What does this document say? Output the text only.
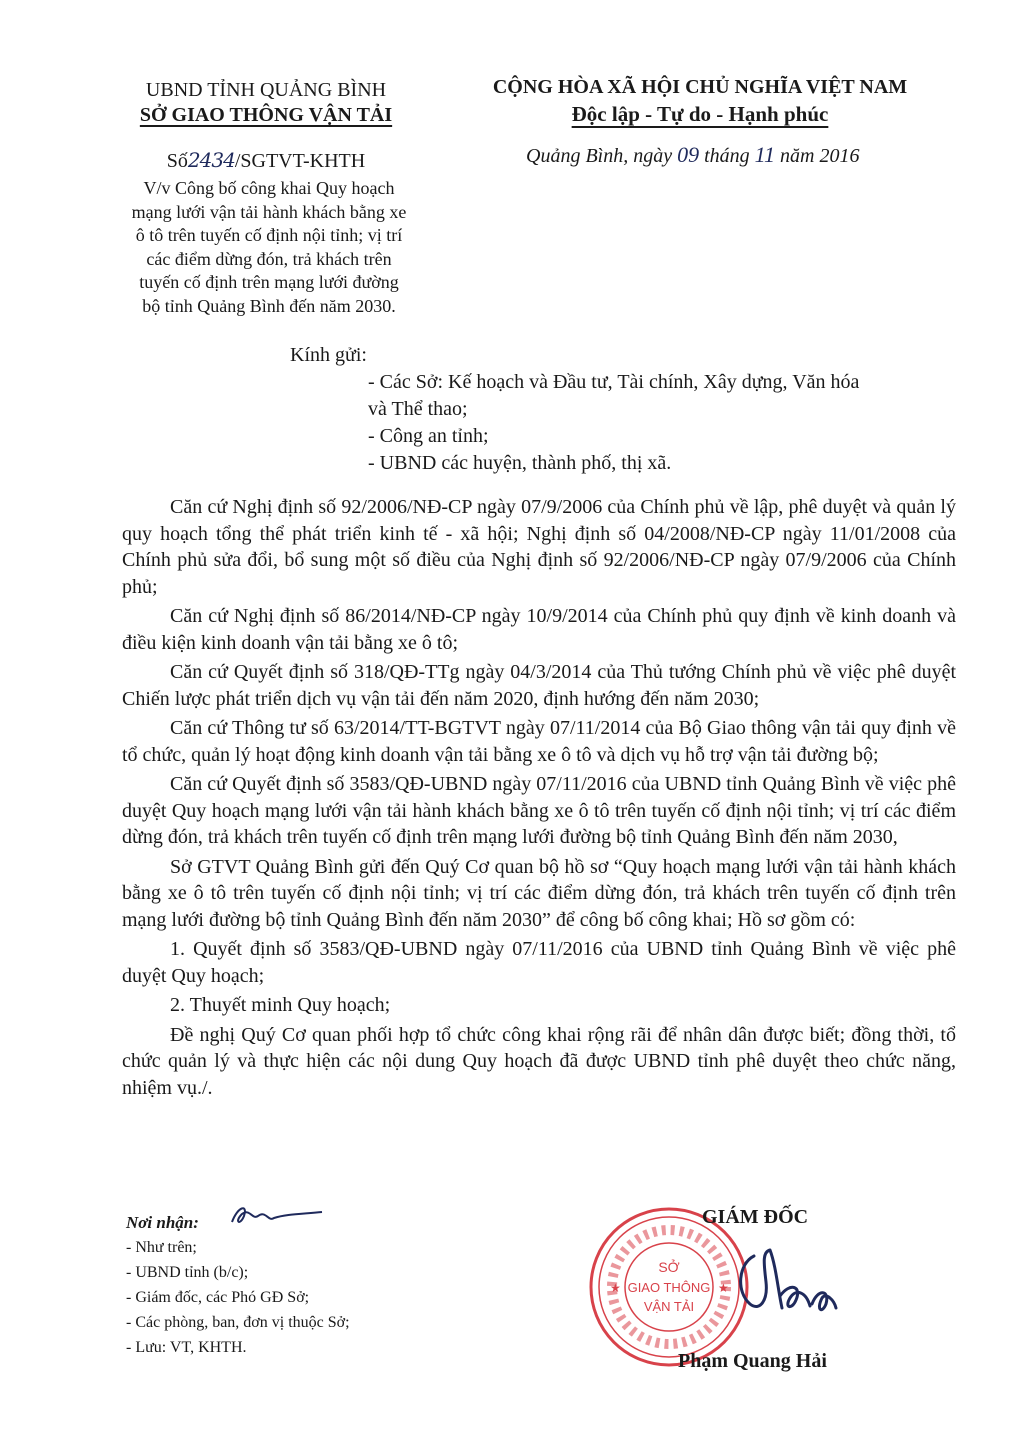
UBND TỈNH QUẢNG BÌNH
SỞ GIAO THÔNG VẬN TẢI
CỘNG HÒA XÃ HỘI CHỦ NGHĨA VIỆT NAM
Độc lập - Tự do - Hạnh phúc
Số2434/SGTVT-KHTH	Quảng Bình, ngày 09 tháng 11 năm 2016
V/v Công bố công khai Quy hoạch
mạng lưới vận tải hành khách bằng xe
ô tô trên tuyến cố định nội tỉnh; vị trí
các điểm dừng đón, trả khách trên
tuyến cố định trên mạng lưới đường
bộ tỉnh Quảng Bình đến năm 2030.
Kính gửi:
- Các Sở: Kế hoạch và Đầu tư, Tài chính, Xây dựng, Văn hóa
và Thể thao;
- Công an tỉnh;
- UBND các huyện, thành phố, thị xã.

Căn cứ Nghị định số 92/2006/NĐ-CP ngày 07/9/2006 của Chính phủ về lập, phê duyệt và quản lý quy hoạch tổng thể phát triển kinh tế - xã hội; Nghị định số 04/2008/NĐ-CP ngày 11/01/2008 của Chính phủ sửa đổi, bổ sung một số điều của Nghị định số 92/2006/NĐ-CP ngày 07/9/2006 của Chính phủ;

Căn cứ Nghị định số 86/2014/NĐ-CP ngày 10/9/2014 của Chính phủ quy định về kinh doanh và điều kiện kinh doanh vận tải bằng xe ô tô;

Căn cứ Quyết định số 318/QĐ-TTg ngày 04/3/2014 của Thủ tướng Chính phủ về việc phê duyệt Chiến lược phát triển dịch vụ vận tải đến năm 2020, định hướng đến năm 2030;

Căn cứ Thông tư số 63/2014/TT-BGTVT ngày 07/11/2014 của Bộ Giao thông vận tải quy định về tổ chức, quản lý hoạt động kinh doanh vận tải bằng xe ô tô và dịch vụ hỗ trợ vận tải đường bộ;

Căn cứ Quyết định số 3583/QĐ-UBND ngày 07/11/2016 của UBND tỉnh Quảng Bình về việc phê duyệt Quy hoạch mạng lưới vận tải hành khách bằng xe ô tô trên tuyến cố định nội tỉnh; vị trí các điểm dừng đón, trả khách trên tuyến cố định trên mạng lưới đường bộ tỉnh Quảng Bình đến năm 2030,

Sở GTVT Quảng Bình gửi đến Quý Cơ quan bộ hồ sơ “Quy hoạch mạng lưới vận tải hành khách bằng xe ô tô trên tuyến cố định nội tỉnh; vị trí các điểm dừng đón, trả khách trên tuyến cố định trên mạng lưới đường bộ tỉnh Quảng Bình đến năm 2030” để công bố công khai; Hồ sơ gồm có:

1. Quyết định số 3583/QĐ-UBND ngày 07/11/2016 của UBND tỉnh Quảng Bình về việc phê duyệt Quy hoạch;

2. Thuyết minh Quy hoạch;

Đề nghị Quý Cơ quan phối hợp tổ chức công khai rộng rãi để nhân dân được biết; đồng thời, tổ chức quản lý và thực hiện các nội dung Quy hoạch đã được UBND tỉnh phê duyệt theo chức năng, nhiệm vụ./.

Nơi nhận:
- Như trên;
- UBND tỉnh (b/c);
- Giám đốc, các Phó GĐ Sở;
- Các phòng, ban, đơn vị thuộc Sở;
- Lưu: VT, KHTH.
SỞ
GIAO THÔNG
VẬN TẢI
★	★
GIÁM ĐỐC
Phạm Quang Hải
